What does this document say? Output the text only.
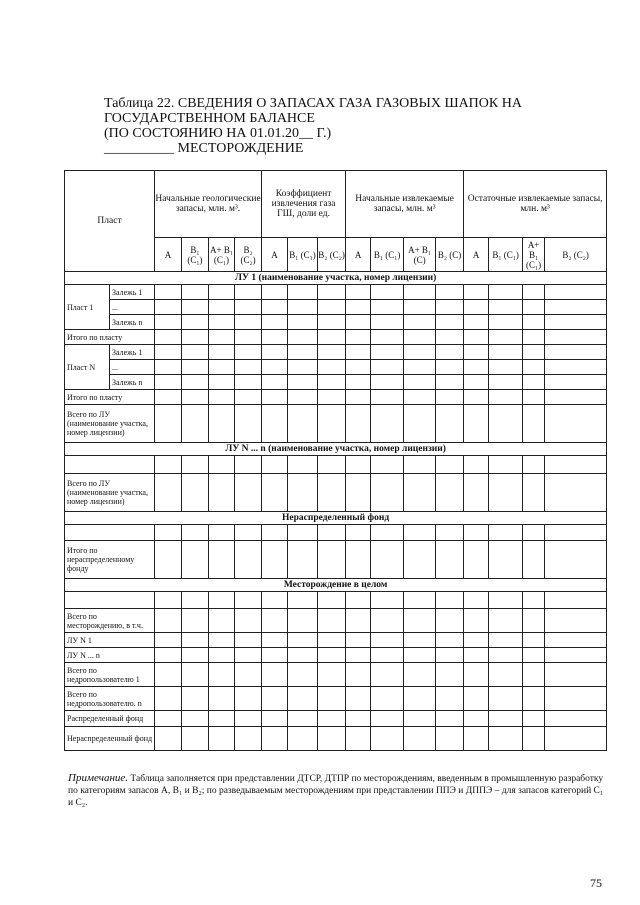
Таблица 22. СВЕДЕНИЯ О ЗАПАСАХ ГАЗА ГАЗОВЫХ ШАПОК НА
ГОСУДАРСТВЕННОМ БАЛАНСЕ
(ПО СОСТОЯНИЮ НА 01.01.20__ Г.)
__________ МЕСТОРОЖДЕНИЕ
Пласт		Начальные геологические запасы, млн. м³.				Коэффициент извлечения газа ГШ, доли ед.			Начальные извлекаемые запасы, млн. м³				Остаточные извлекаемые запасы, млн. м³			
		А	В₁ (С₁)	А+ В₁ (С₁)	В₂ (С₂)	А	В₁ (С₁)	В₂ (С₂)	А	В₁ (С₁)	А+ В₁ (С)	В₂ (С)	А	В₁ (С₁)	А+ В₁ (С₁)	В₂ (С₂)
ЛУ 1 (наименование участка, номер лицензии)																
Пласт 1	Залежь 1															
	...															
	Залежь n															
Итого по пласту																
Пласт N	Залежь 1															
	...															
	Залежь n															
Итого по пласту																
Всего по ЛУ (наименование участка, номер лицензии)																
ЛУ N ... n (наименование участка, номер лицензии)																

Всего по ЛУ (наименование участка, номер лицензии)																
Нераспределенный фонд																

Итого по нераспределенному фонду																
Месторождение в целом																

Всего по месторождению, в т.ч.																
ЛУ N 1																
ЛУ N ... n																
Всего по недропользователю 1																
Всего по недропользователю. n																
Распределенный фонд																
Нераспределенный фонд																
Примечание. Таблица заполняется при представлении ДТСР, ДТПР по месторождениям, введенным в промышленную разработку по категориям запасов А, В₁ и В₂; по разведываемым месторождениям при представлении ППЭ и ДППЭ – для запасов категорий С₁ и С₂.
75
